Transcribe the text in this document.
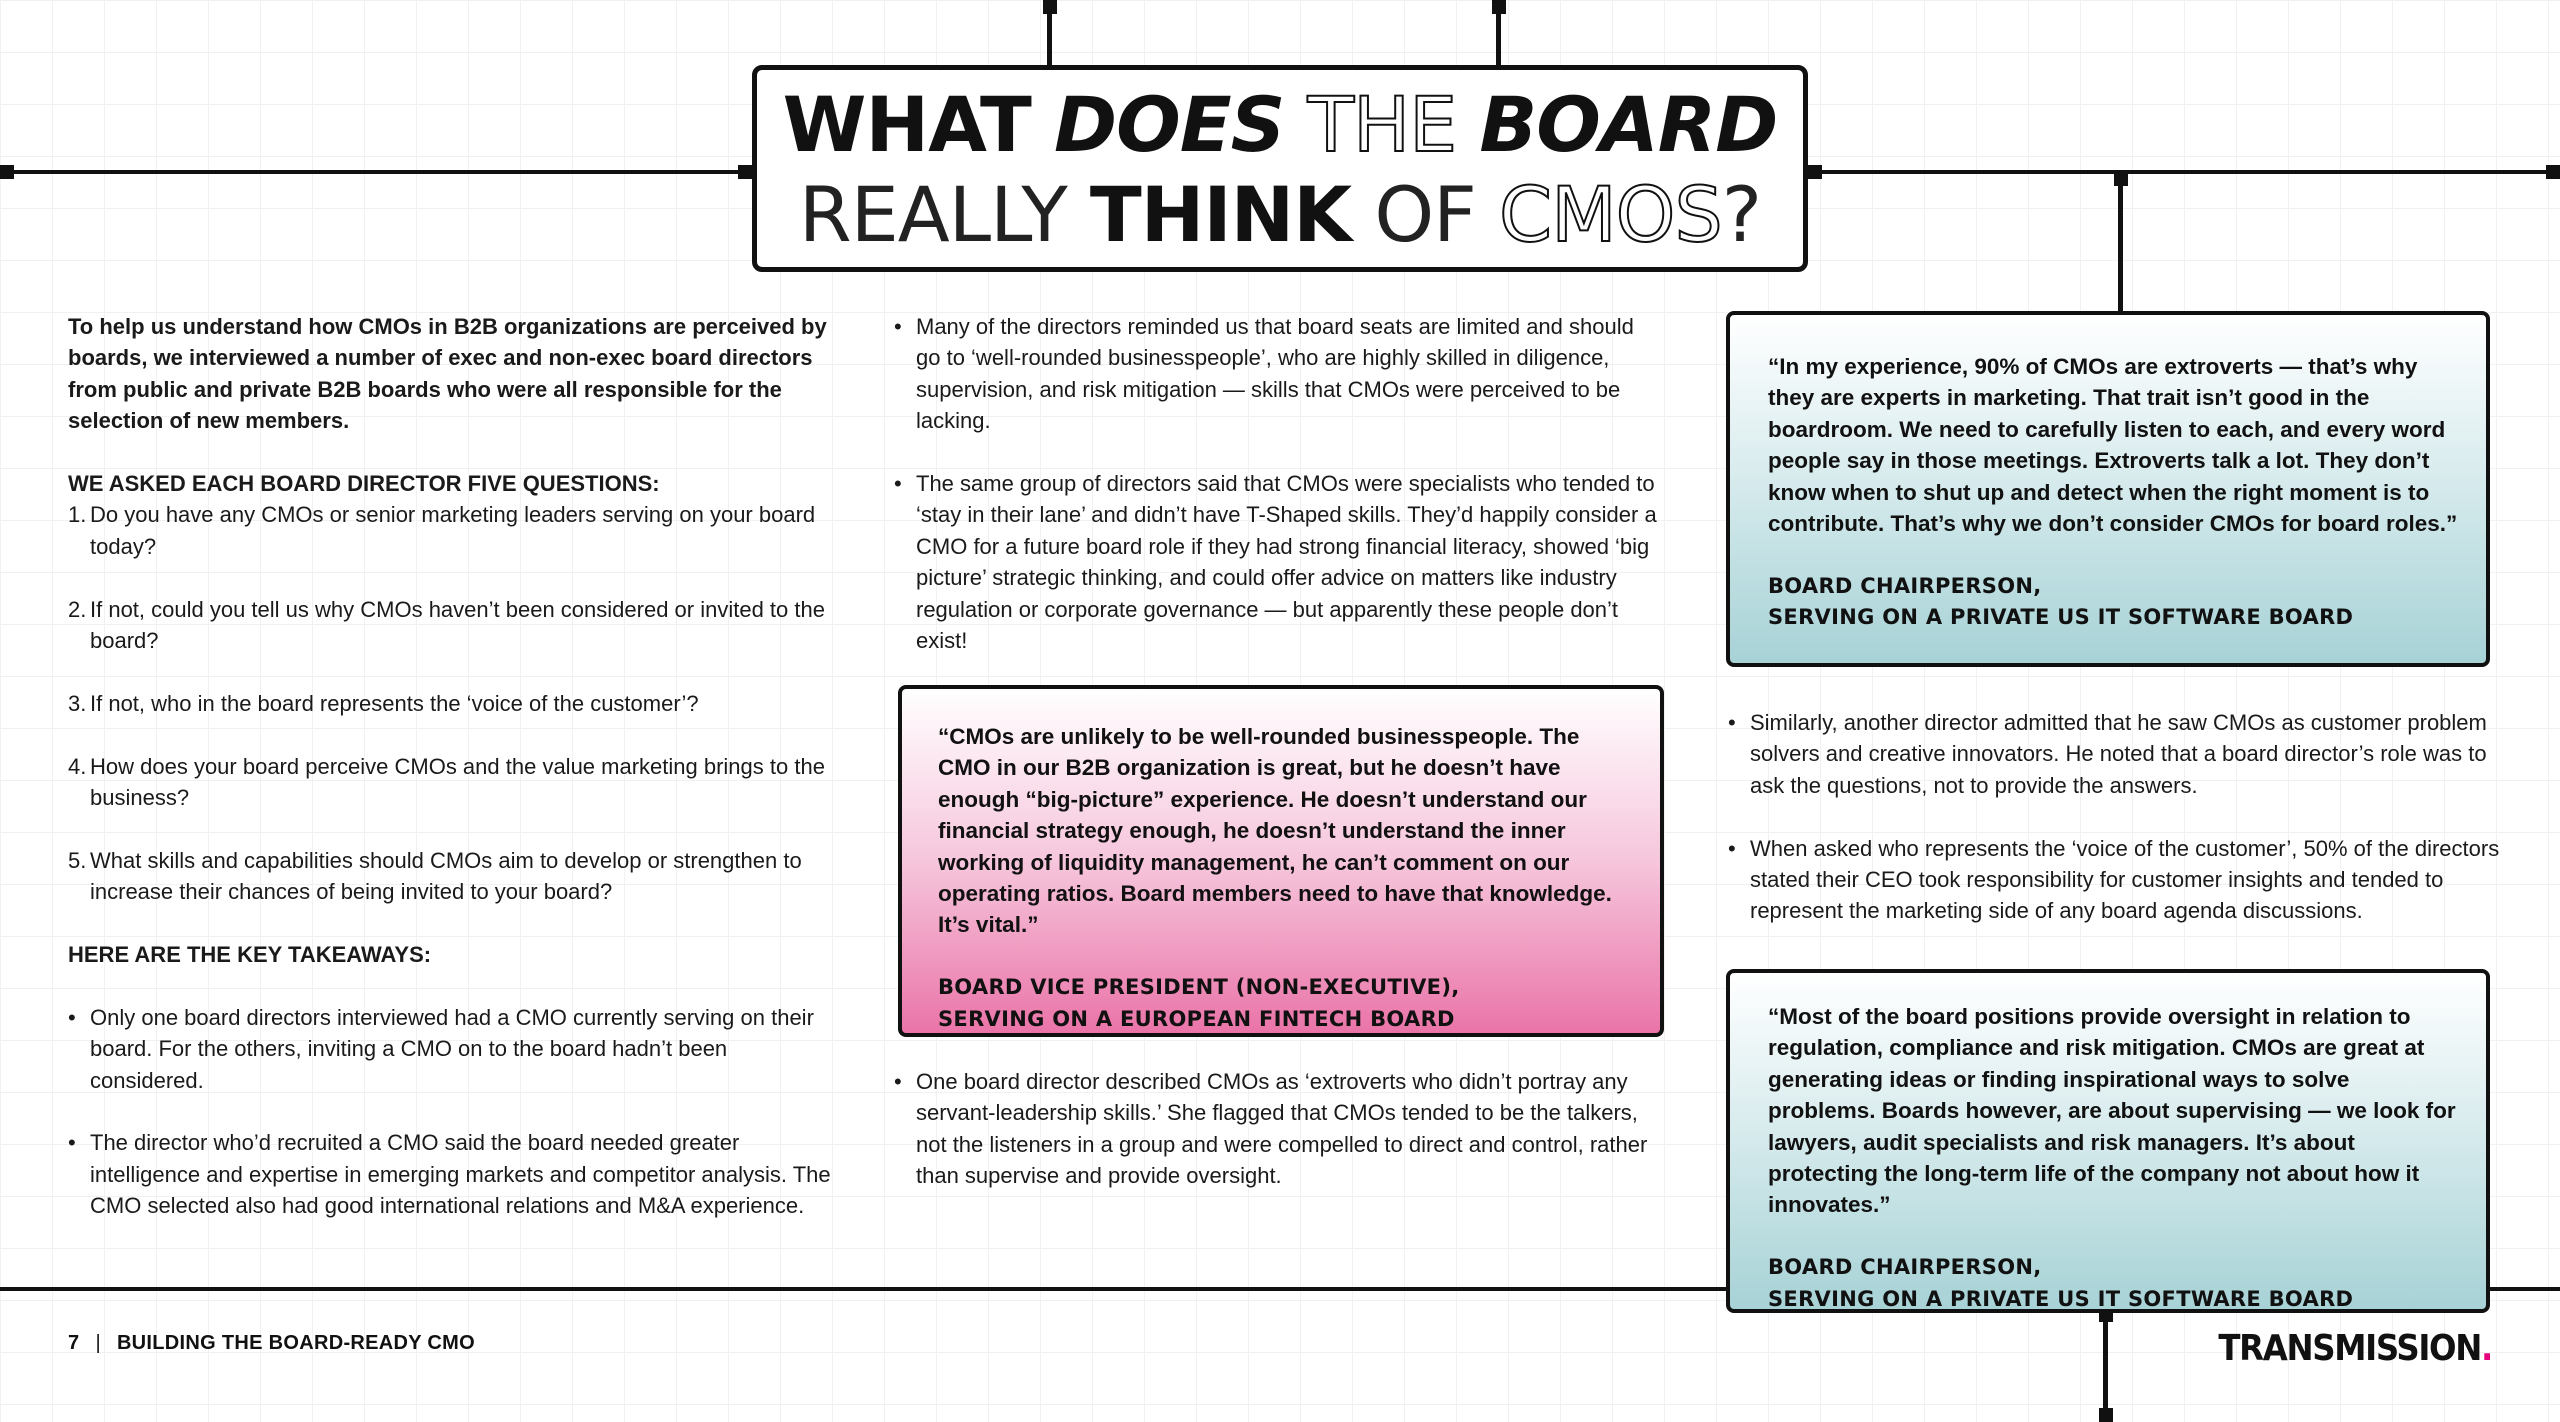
WHAT DOES THE BOARD
REALLY THINK OF CMOS?

To help us understand how CMOs in B2B organizations are perceived by boards, we interviewed a number of exec and non-exec board directors from public and private B2B boards who were all responsible for the selection of new members.

WE ASKED EACH BOARD DIRECTOR FIVE QUESTIONS:

1. Do you have any CMOs or senior marketing leaders serving on your board today?
2. If not, could you tell us why CMOs haven’t been considered or invited to the board?
3. If not, who in the board represents the ‘voice of the customer’?
4. How does your board perceive CMOs and the value marketing brings to the business?
5. What skills and capabilities should CMOs aim to develop or strengthen to increase their chances of being invited to your board?

HERE ARE THE KEY TAKEAWAYS:

• Only one board directors interviewed had a CMO currently serving on their board. For the others, inviting a CMO on to the board hadn’t been considered.
• The director who’d recruited a CMO said the board needed greater intelligence and expertise in emerging markets and competitor analysis. The CMO selected also had good international relations and M&A experience.
• Many of the directors reminded us that board seats are limited and should go to ‘well-rounded businesspeople’, who are highly skilled in diligence, supervision, and risk mitigation — skills that CMOs were perceived to be lacking.
• The same group of directors said that CMOs were specialists who tended to ‘stay in their lane’ and didn’t have T-Shaped skills. They’d happily consider a CMO for a future board role if they had strong financial literacy, showed ‘big picture’ strategic thinking, and could offer advice on matters like industry regulation or corporate governance — but apparently these people don’t exist!

“CMOs are unlikely to be well-rounded businesspeople. The CMO in our B2B organization is great, but he doesn’t have enough “big-picture” experience. He doesn’t understand our financial strategy enough, he doesn’t understand the inner working of liquidity management, he can’t comment on our operating ratios. Board members need to have that knowledge. It’s vital.”

BOARD VICE PRESIDENT (NON-EXECUTIVE),
SERVING ON A EUROPEAN FINTECH BOARD
• One board director described CMOs as ‘extroverts who didn’t portray any servant-leadership skills.’ She flagged that CMOs tended to be the talkers, not the listeners in a group and were compelled to direct and control, rather than supervise and provide oversight.

“In my experience, 90% of CMOs are extroverts — that’s why they are experts in marketing. That trait isn’t good in the boardroom. We need to carefully listen to each, and every word people say in those meetings. Extroverts talk a lot. They don’t know when to shut up and detect when the right moment is to contribute. That’s why we don’t consider CMOs for board roles.”

BOARD CHAIRPERSON,
SERVING ON A PRIVATE US IT SOFTWARE BOARD
• Similarly, another director admitted that he saw CMOs as customer problem solvers and creative innovators. He noted that a board director’s role was to ask the questions, not to provide the answers.
• When asked who represents the ‘voice of the customer’, 50% of the directors stated their CEO took responsibility for customer insights and tended to represent the marketing side of any board agenda discussions.

“Most of the board positions provide oversight in relation to regulation, compliance and risk mitigation. CMOs are great at generating ideas or finding inspirational ways to solve problems. Boards however, are about supervising — we look for lawyers, audit specialists and risk managers. It’s about protecting the long-term life of the company not about how it innovates.”

BOARD CHAIRPERSON,
SERVING ON A PRIVATE US IT SOFTWARE BOARD
7 | BUILDING THE BOARD-READY CMO	TRANSMISSION.
